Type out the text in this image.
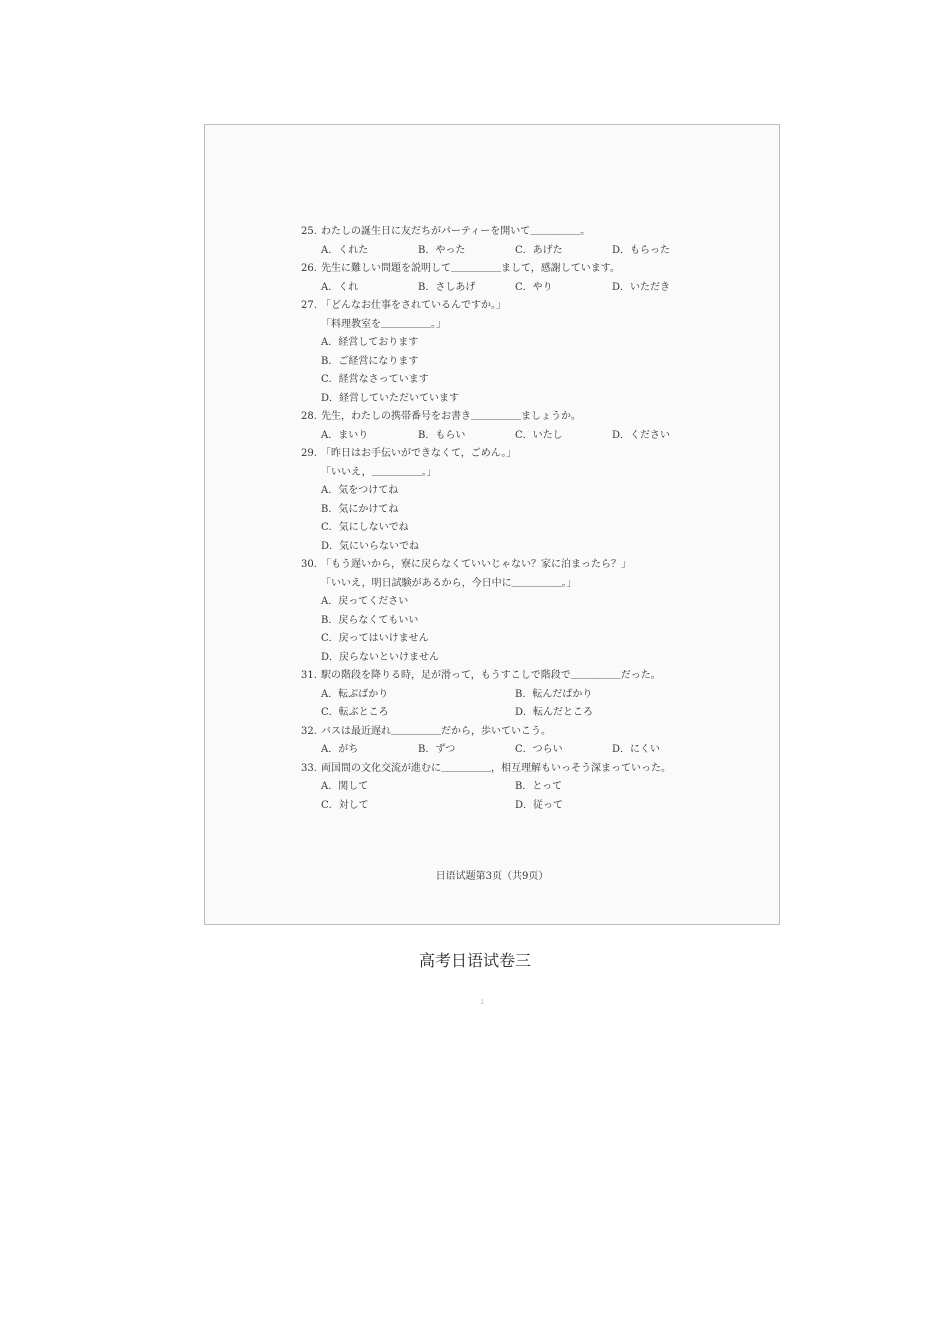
25. わたしの誕生日に友だちがパーティーを開いて＿＿＿＿＿。
A．くれた	B．やった	C．あげた	D．もらった
26. 先生に難しい問題を説明して＿＿＿＿＿まして，感謝しています。
A．くれ	B．さしあげ	C．やり	D．いただき
27. 「どんなお仕事をされているんですか。」
「料理教室を＿＿＿＿＿。」
A．経営しております
B．ご経営になります
C．経営なさっています
D．経営していただいています
28. 先生，わたしの携帯番号をお書き＿＿＿＿＿ましょうか。
A．まいり	B．もらい	C．いたし	D．ください
29. 「昨日はお手伝いができなくて，ごめん。」
「いいえ，＿＿＿＿＿。」
A．気をつけてね
B．気にかけてね
C．気にしないでね
D．気にいらないでね
30. 「もう遅いから，寮に戻らなくていいじゃない？家に泊まったら？」
「いいえ，明日試験があるから，今日中に＿＿＿＿＿。」
A．戻ってください
B．戻らなくてもいい
C．戻ってはいけません
D．戻らないといけません
31. 駅の階段を降りる時，足が滑って，もうすこしで階段で＿＿＿＿＿だった。
A．転ぶばかり	B．転んだばかり
C．転ぶところ	D．転んだところ
32. バスは最近遅れ＿＿＿＿＿だから，歩いていこう。
A．がち	B．ずつ	C．つらい	D．にくい
33. 両国間の文化交流が進むに＿＿＿＿＿，相互理解もいっそう深まっていった。
A．関して	B．とって
C．対して	D．従って
日语试题第3页（共9页）
高考日语试卷三
;
